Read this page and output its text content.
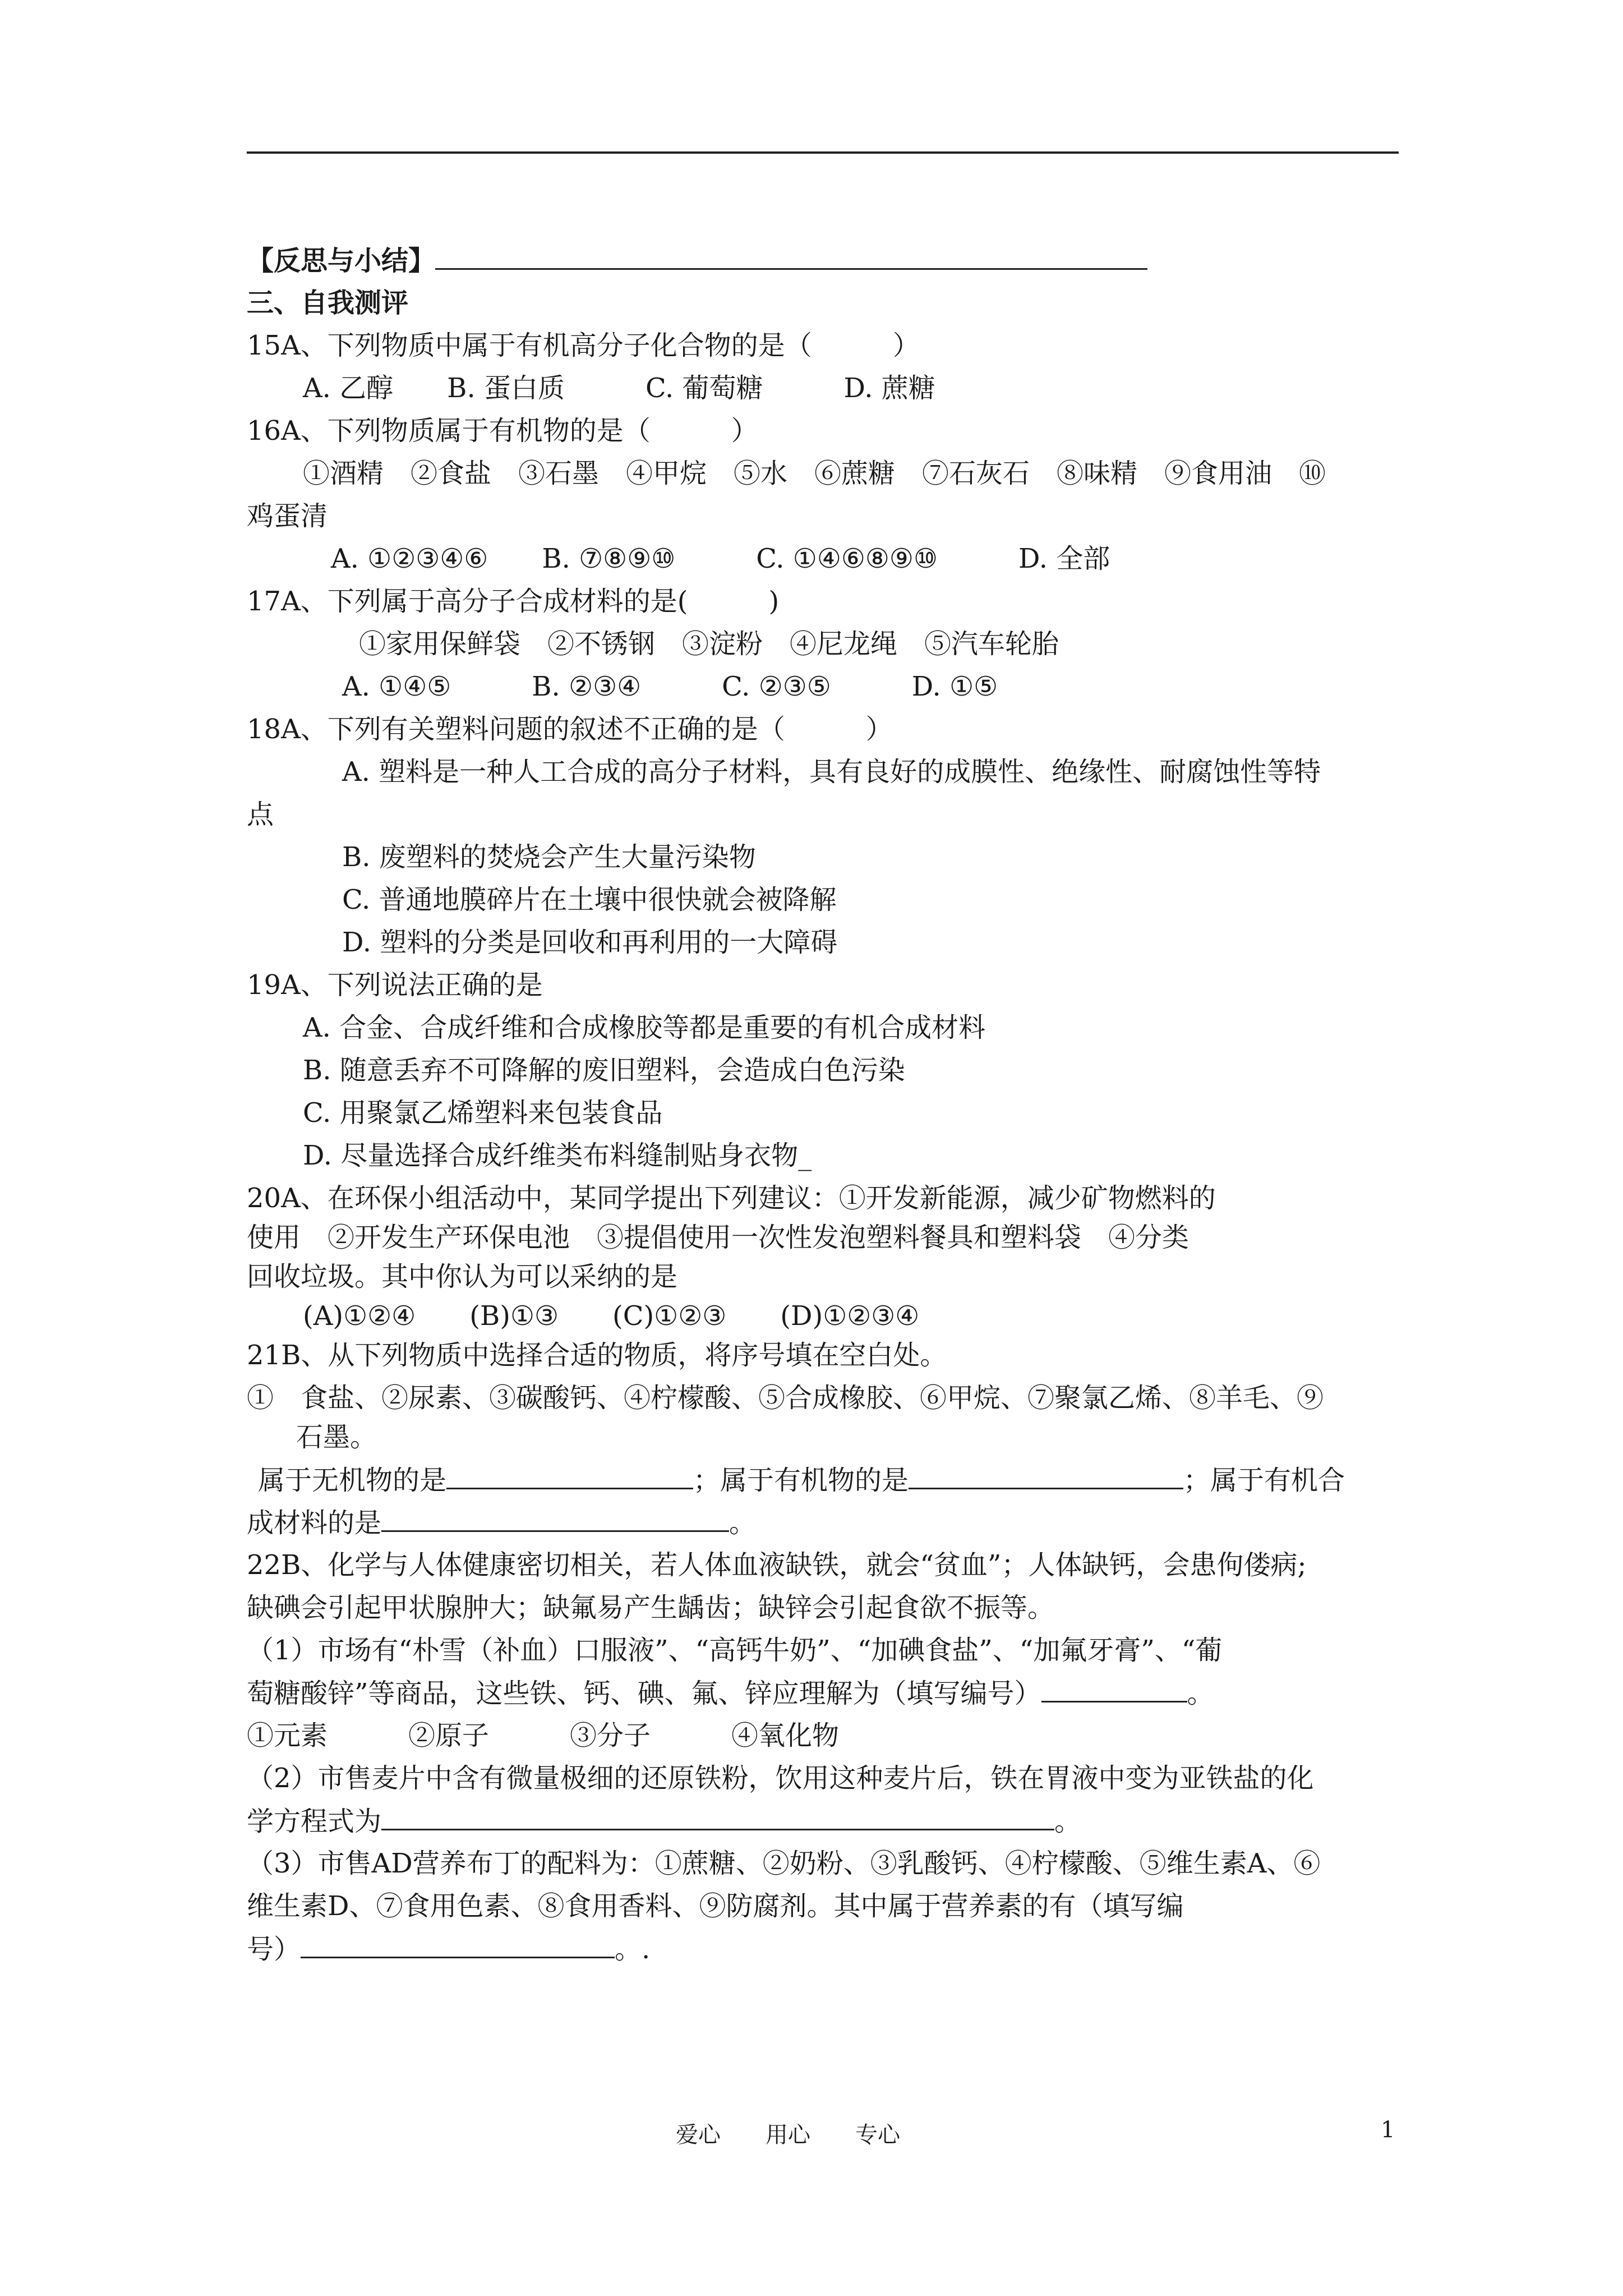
【反思与小结】
三、自我测评
15A、下列物质中属于有机高分子化合物的是（　　　）
A. 乙醇　　B. 蛋白质　　　C. 葡萄糖　　　D. 蔗糖
16A、下列物质属于有机物的是（　　　）
①酒精　②食盐　③石墨　④甲烷　⑤水　⑥蔗糖　⑦石灰石　⑧味精　⑨食用油　⑩
鸡蛋清
A. ①②③④⑥　　B. ⑦⑧⑨⑩　　　C. ①④⑥⑧⑨⑩　　　D. 全部
17A、下列属于高分子合成材料的是(　　　)
①家用保鲜袋　②不锈钢　③淀粉　④尼龙绳　⑤汽车轮胎
A. ①④⑤　　　B. ②③④　　　C. ②③⑤　　　D. ①⑤
18A、下列有关塑料问题的叙述不正确的是（　　　）
A. 塑料是一种人工合成的高分子材料，具有良好的成膜性、绝缘性、耐腐蚀性等特
点
B. 废塑料的焚烧会产生大量污染物
C. 普通地膜碎片在土壤中很快就会被降解
D. 塑料的分类是回收和再利用的一大障碍
19A、下列说法正确的是
A. 合金、合成纤维和合成橡胶等都是重要的有机合成材料
B. 随意丢弃不可降解的废旧塑料，会造成白色污染
C. 用聚氯乙烯塑料来包装食品
D. 尽量选择合成纤维类布料缝制贴身衣物_
20A、在环保小组活动中，某同学提出下列建议：①开发新能源，减少矿物燃料的
使用　②开发生产环保电池　③提倡使用一次性发泡塑料餐具和塑料袋　④分类
回收垃圾。其中你认为可以采纳的是
(A)①②④　　(B)①③　　(C)①②③　　(D)①②③④
21B、从下列物质中选择合适的物质，将序号填在空白处。
①　食盐、②尿素、③碳酸钙、④柠檬酸、⑤合成橡胶、⑥甲烷、⑦聚氯乙烯、⑧羊毛、⑨
石墨。
属于无机物的是	；属于有机物的是	；属于有机合
成材料的是	。
22B、化学与人体健康密切相关，若人体血液缺铁，就会“贫血”；人体缺钙，会患佝偻病;
缺碘会引起甲状腺肿大；缺氟易产生龋齿；缺锌会引起食欲不振等。
（1）市场有“朴雪（补血）口服液”、“高钙牛奶”、“加碘食盐”、“加氟牙膏”、“葡
萄糖酸锌”等商品，这些铁、钙、碘、氟、锌应理解为（填写编号）	。
①元素　　　②原子　　　③分子　　　④氧化物
（2）市售麦片中含有微量极细的还原铁粉，饮用这种麦片后，铁在胃液中变为亚铁盐的化
学方程式为	。
（3）市售AD营养布丁的配料为：①蔗糖、②奶粉、③乳酸钙、④柠檬酸、⑤维生素A、⑥
维生素D、⑦食用色素、⑧食用香料、⑨防腐剂。其中属于营养素的有（填写编
号）	。.
爱心　　用心　　专心	1
